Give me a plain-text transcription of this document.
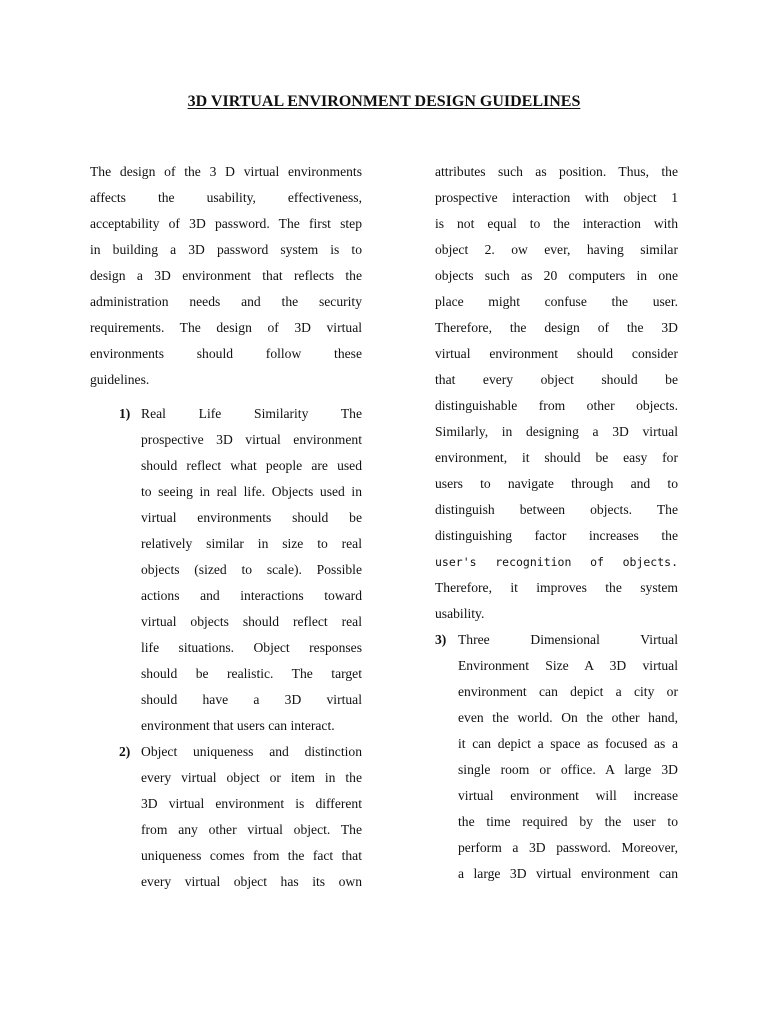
3D VIRTUAL ENVIRONMENT DESIGN GUIDELINES
The design of the 3 D virtual environments
affects the usability, effectiveness,
acceptability of 3D password. The first step
in building a 3D password system is to
design a 3D environment that reflects the
administration needs and the security
requirements. The design of 3D virtual
environments should follow these
guidelines.
1) Real Life Similarity The
prospective 3D virtual environment
should reflect what people are used
to seeing in real life. Objects used in
virtual environments should be
relatively similar in size to real
objects (sized to scale). Possible
actions and interactions toward
virtual objects should reflect real
life situations. Object responses
should be realistic. The target
should have a 3D virtual
environment that users can interact.
2) Object uniqueness and distinction
every virtual object or item in the
3D virtual environment is different
from any other virtual object. The
uniqueness comes from the fact that
every virtual object has its own
attributes such as position. Thus, the
prospective interaction with object 1
is not equal to the interaction with
object 2. ow ever, having similar
objects such as 20 computers in one
place might confuse the user.
Therefore, the design of the 3D
virtual environment should consider
that every object should be
distinguishable from other objects.
Similarly, in designing a 3D virtual
environment, it should be easy for
users to navigate through and to
distinguish between objects. The
distinguishing factor increases the
user's recognition of objects.
Therefore, it improves the system
usability.
3) Three Dimensional Virtual
Environment Size A 3D virtual
environment can depict a city or
even the world. On the other hand,
it can depict a space as focused as a
single room or office. A large 3D
virtual environment will increase
the time required by the user to
perform a 3D password. Moreover,
a large 3D virtual environment can
